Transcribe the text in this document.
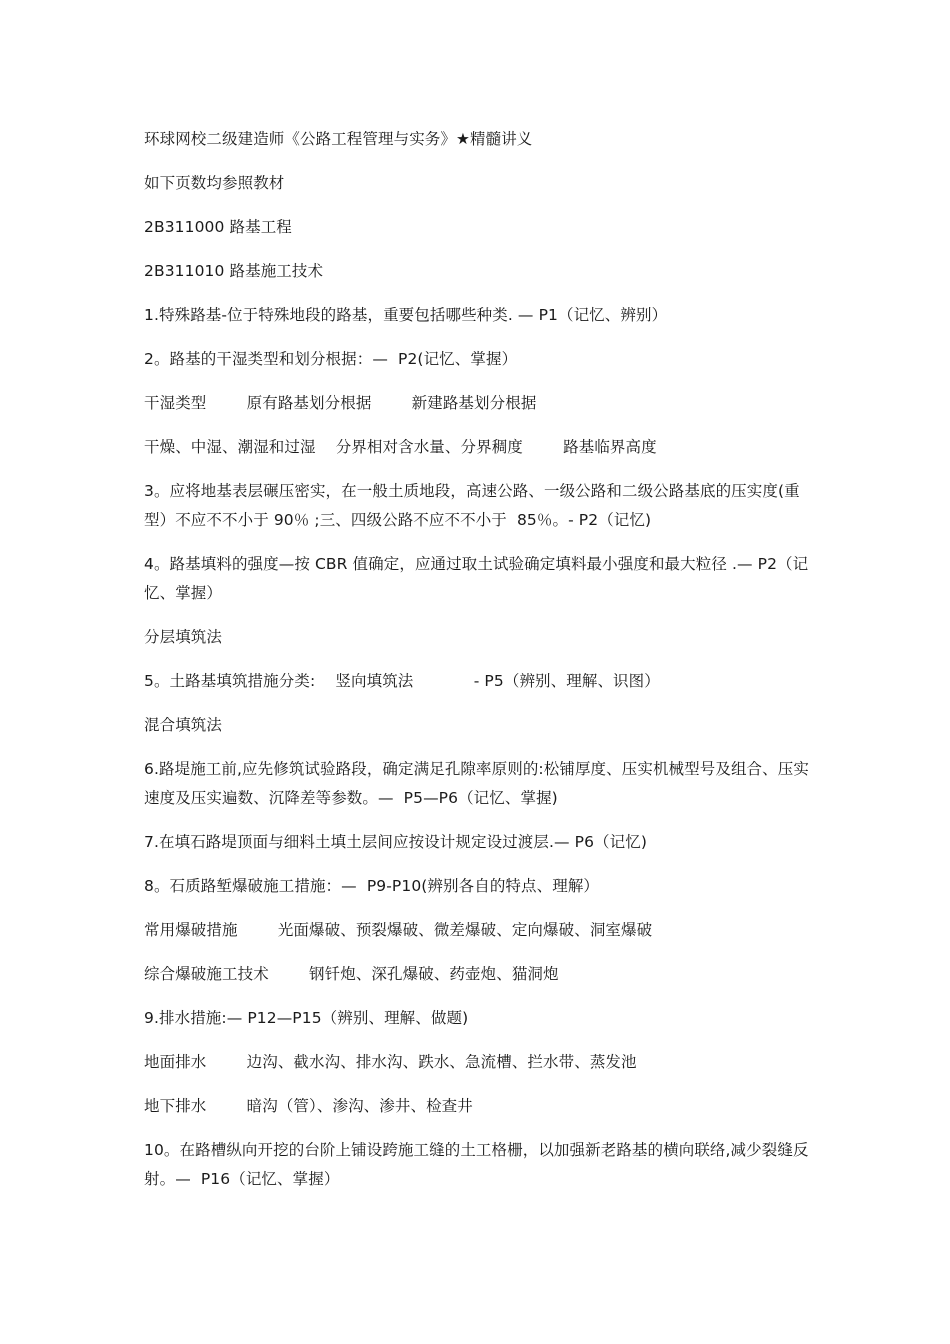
环球网校二级建造师《公路工程管理与实务》★精髓讲义

如下页数均参照教材

2B311000 路基工程

2B311010 路基施工技术

1.特殊路基-位于特殊地段的路基，重要包括哪些种类. — P1（记忆、辨别）

2。路基的干湿类型和划分根据：—  P2(记忆、掌握）

干湿类型        原有路基划分根据        新建路基划分根据

干燥、中湿、潮湿和过湿    分界相对含水量、分界稠度        路基临界高度

3。应将地基表层碾压密实，在一般土质地段，高速公路、一级公路和二级公路基底的压实度(重型）不应不不小于 90％ ;三、四级公路不应不不小于  85％。- P2（记忆)

4。路基填料的强度—按 CBR 值确定，应通过取土试验确定填料最小强度和最大粒径 .— P2（记忆、掌握）

分层填筑法

5。土路基填筑措施分类:    竖向填筑法            - P5（辨别、理解、识图）

混合填筑法

6.路堤施工前,应先修筑试验路段，确定满足孔隙率原则的:松铺厚度、压实机械型号及组合、压实速度及压实遍数、沉降差等参数。—  P5—P6（记忆、掌握)

7.在填石路堤顶面与细料土填土层间应按设计规定设过渡层.— P6（记忆)

8。石质路堑爆破施工措施：—  P9-P10(辨别各自的特点、理解）

常用爆破措施        光面爆破、预裂爆破、微差爆破、定向爆破、洞室爆破

综合爆破施工技术        钢钎炮、深孔爆破、药壶炮、猫洞炮

9.排水措施:— P12—P15（辨别、理解、做题)

地面排水        边沟、截水沟、排水沟、跌水、急流槽、拦水带、蒸发池

地下排水        暗沟（管）、渗沟、渗井、检查井

10。在路槽纵向开挖的台阶上铺设跨施工缝的土工格栅，以加强新老路基的横向联络,减少裂缝反射。—  P16（记忆、掌握）
